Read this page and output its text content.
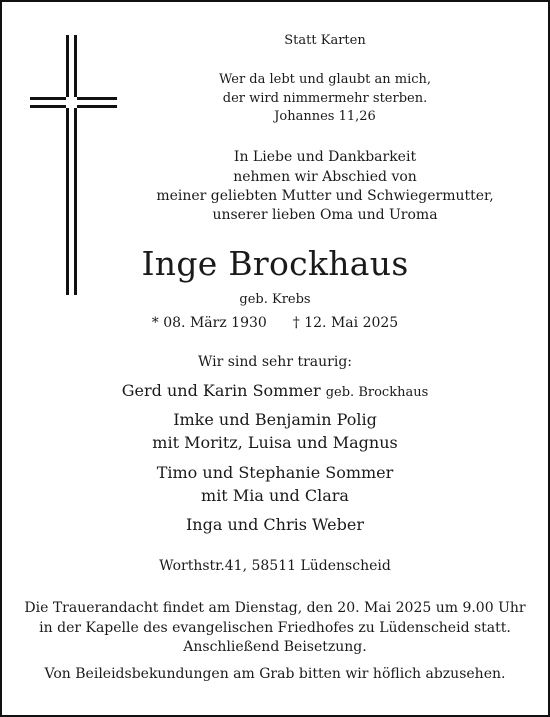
Statt Karten

Wer da lebt und glaubt an mich,

der wird nimmermehr sterben.

Johannes 11,26

In Liebe und Dankbarkeit

nehmen wir Abschied von

meiner geliebten Mutter und Schwiegermutter,

unserer lieben Oma und Uroma

Inge Brockhaus

geb. Krebs

* 08. März 1930 † 12. Mai 2025

Wir sind sehr traurig:

Gerd und Karin Sommer geb. Brockhaus

Imke und Benjamin Polig

mit Moritz, Luisa und Magnus

Timo und Stephanie Sommer

mit Mia und Clara

Inga und Chris Weber

Worthstr.41, 58511 Lüdenscheid

Die Trauerandacht findet am Dienstag, den 20. Mai 2025 um 9.00 Uhr

in der Kapelle des evangelischen Friedhofes zu Lüdenscheid statt.

Anschließend Beisetzung.

Von Beileidsbekundungen am Grab bitten wir höflich abzusehen.
